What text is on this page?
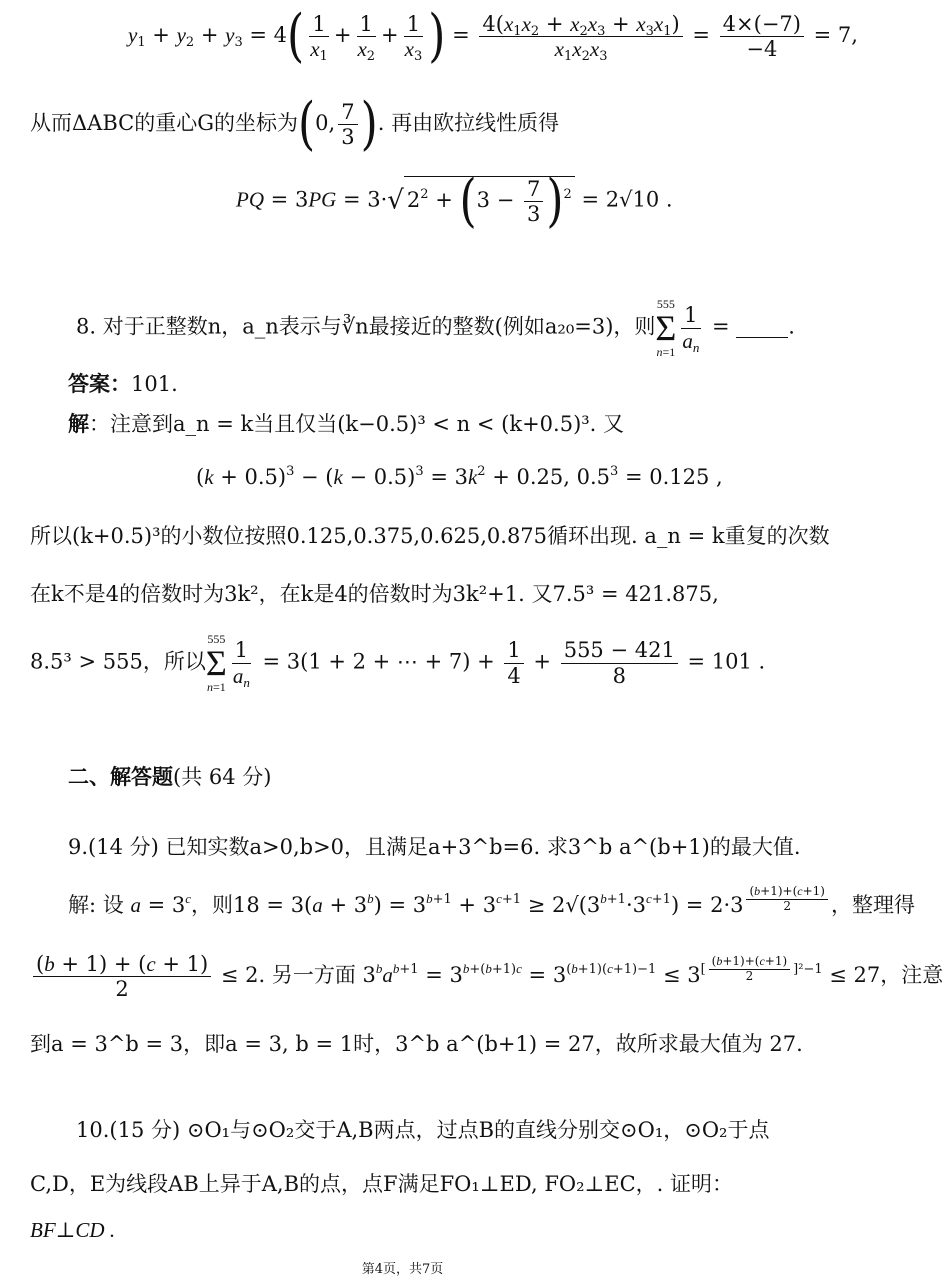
$y_1 + y_2 + y_3 = 4( \frac{1}{x_1} + \frac{1}{x_2} + \frac{1}{x_3}$ ) = $\frac{4(x_1x_2 + x_2x_3 + x_3x_1)}{x_1x_2x_3} = \frac{4\times(-7)}{-4} = 7$,
从而ΔABC的重心G的坐标为(0, $\frac{7}{3}$ ). 再由欧拉线性质得
PQ = 3PG = 3·√ $2^2 + (3 - \frac{7}{3} )^2 = 2√10$ .
8. 对于正整数n，a_n表示与∛n最接近的整数(例如a₂₀=3)，则
555
Σ
$n=1 \frac{1}{a_n}$ = .
答案：101.
解：注意到a_n = k当且仅当(k−0.5)³ < n < (k+0.5)³. 又
$(k + 0.5)^3 - (k - 0.5)^3 = 3k^2 + 0.25$, $0.5^3 = 0.125$ ,
所以(k+0.5)³的小数位按照0.125,0.375,0.625,0.875循环出现. a_n = k重复的次数
在k不是4的倍数时为3k²，在k是4的倍数时为3k²+1. 又7.5³ = 421.875,
8.5³ > 555，所以
555
Σ
$n=1 \frac{1}{a_n} = 3(1 + 2$ + ⋯ + $7) + \frac{1}{4} + \frac{555 - 421}{8} = 101$ .
二、解答题(共 64 分)
9.(14 分) 已知实数a>0,b>0，且满足a+3^b=6. 求3^b a^(b+1)的最大值.
解: 设 $a = 3^c$，则$18 = 3(a + 3^b) = 3^{b+1} + 3^{c+1} \ge 2√(3^{b+1}\cdot 3^{c+1}) = 2\cdot 3$ $^{\frac{(b+1)+(c+1)}{2}}$ ，整理得
$\frac{(b + 1) + (c + 1)}{2} \le 2$. 另一方面 $3^ba^{b+1} = 3^{b+(b+1)c} = 3^{(b+1)(c+1)-1} \le 3^{[ \frac{(b+1)+(c+1)}{2} ]^2-1} \le 27$，注意
到a = 3^b = 3，即a = 3, b = 1时，3^b a^(b+1) = 27，故所求最大值为 27.
10.(15 分) ⊙O₁与⊙O₂交于A,B两点，过点B的直线分别交⊙O₁，⊙O₂于点
C,D，E为线段AB上异于A,B的点，点F满足FO₁⊥ED, FO₂⊥EC，. 证明：
BF⊥CD .
第4页，共7页
